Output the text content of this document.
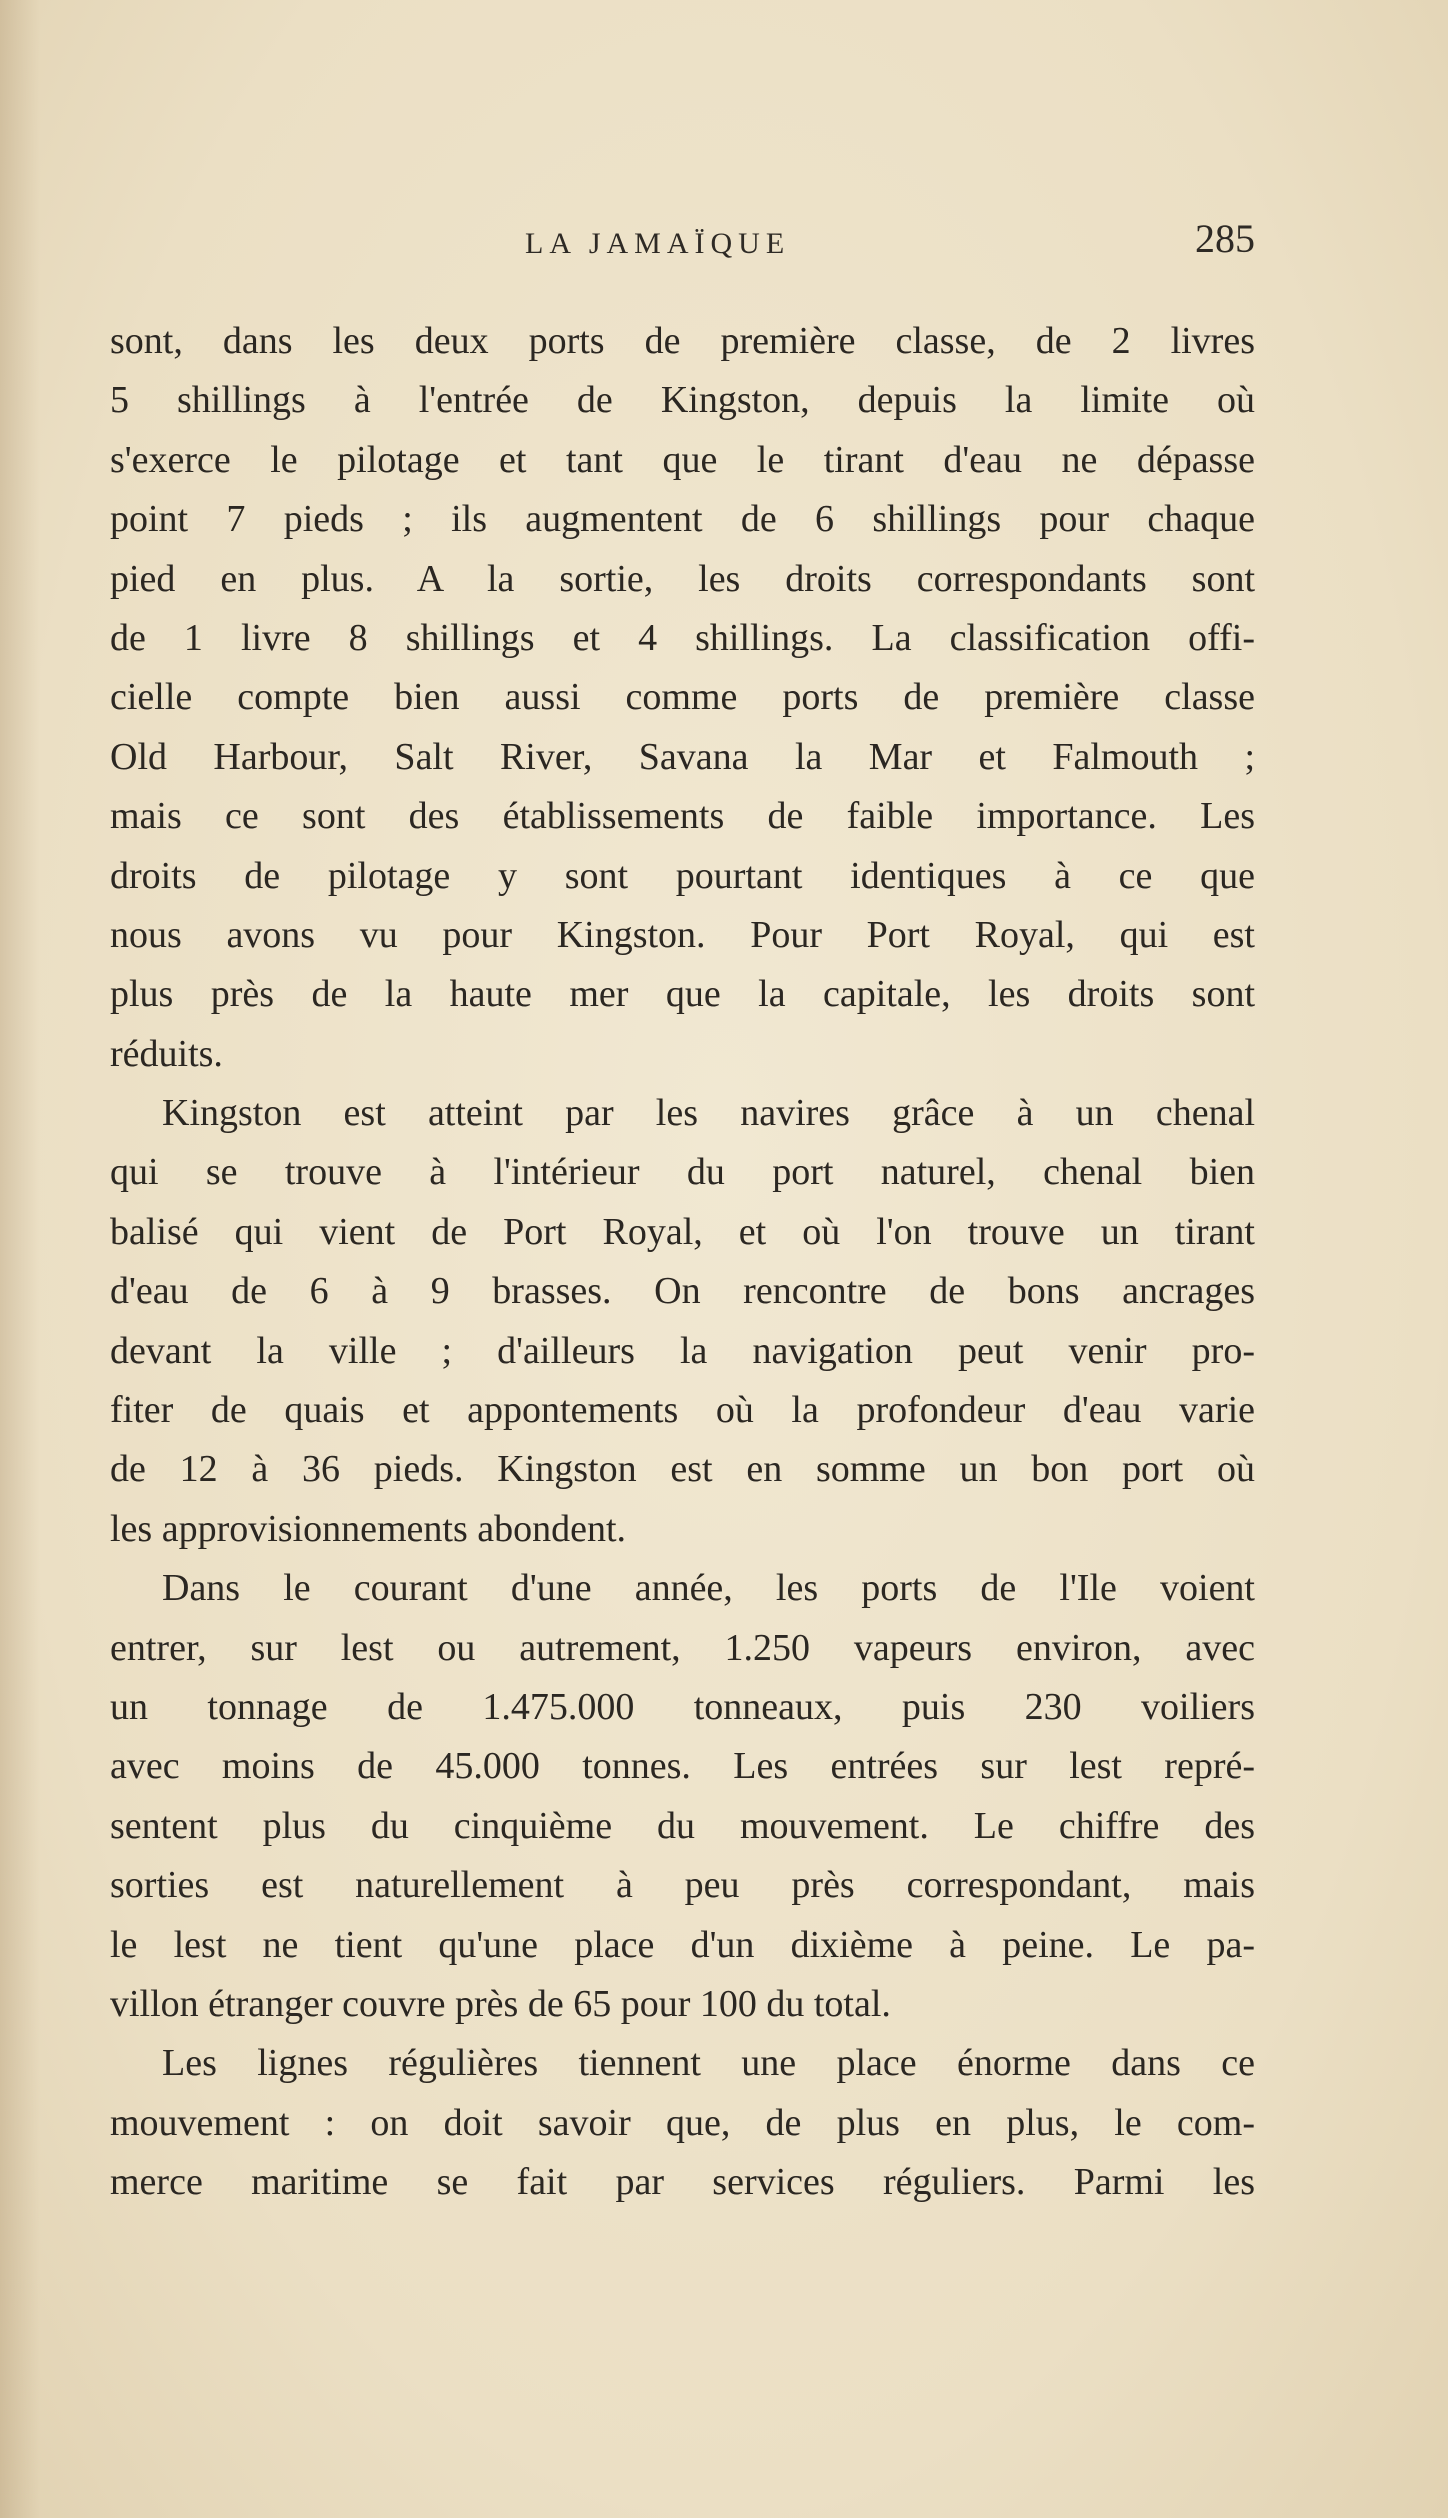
LA JAMAÏQUE	285
sont, dans les deux ports de première classe, de 2 livres
5 shillings à l'entrée de Kingston, depuis la limite où
s'exerce le pilotage et tant que le tirant d'eau ne dépasse
point 7 pieds ; ils augmentent de 6 shillings pour chaque
pied en plus. A la sortie, les droits correspondants sont
de 1 livre 8 shillings et 4 shillings. La classification offi-
cielle compte bien aussi comme ports de première classe
Old Harbour, Salt River, Savana la Mar et Falmouth ;
mais ce sont des établissements de faible importance. Les
droits de pilotage y sont pourtant identiques à ce que
nous avons vu pour Kingston. Pour Port Royal, qui est
plus près de la haute mer que la capitale, les droits sont
réduits.
Kingston est atteint par les navires grâce à un chenal
qui se trouve à l'intérieur du port naturel, chenal bien
balisé qui vient de Port Royal, et où l'on trouve un tirant
d'eau de 6 à 9 brasses. On rencontre de bons ancrages
devant la ville ; d'ailleurs la navigation peut venir pro-
fiter de quais et appontements où la profondeur d'eau varie
de 12 à 36 pieds. Kingston est en somme un bon port où
les approvisionnements abondent.
Dans le courant d'une année, les ports de l'Ile voient
entrer, sur lest ou autrement, 1.250 vapeurs environ, avec
un tonnage de 1.475.000 tonneaux, puis 230 voiliers
avec moins de 45.000 tonnes. Les entrées sur lest repré-
sentent plus du cinquième du mouvement. Le chiffre des
sorties est naturellement à peu près correspondant, mais
le lest ne tient qu'une place d'un dixième à peine. Le pa-
villon étranger couvre près de 65 pour 100 du total.
Les lignes régulières tiennent une place énorme dans ce
mouvement : on doit savoir que, de plus en plus, le com-
merce maritime se fait par services réguliers. Parmi les
